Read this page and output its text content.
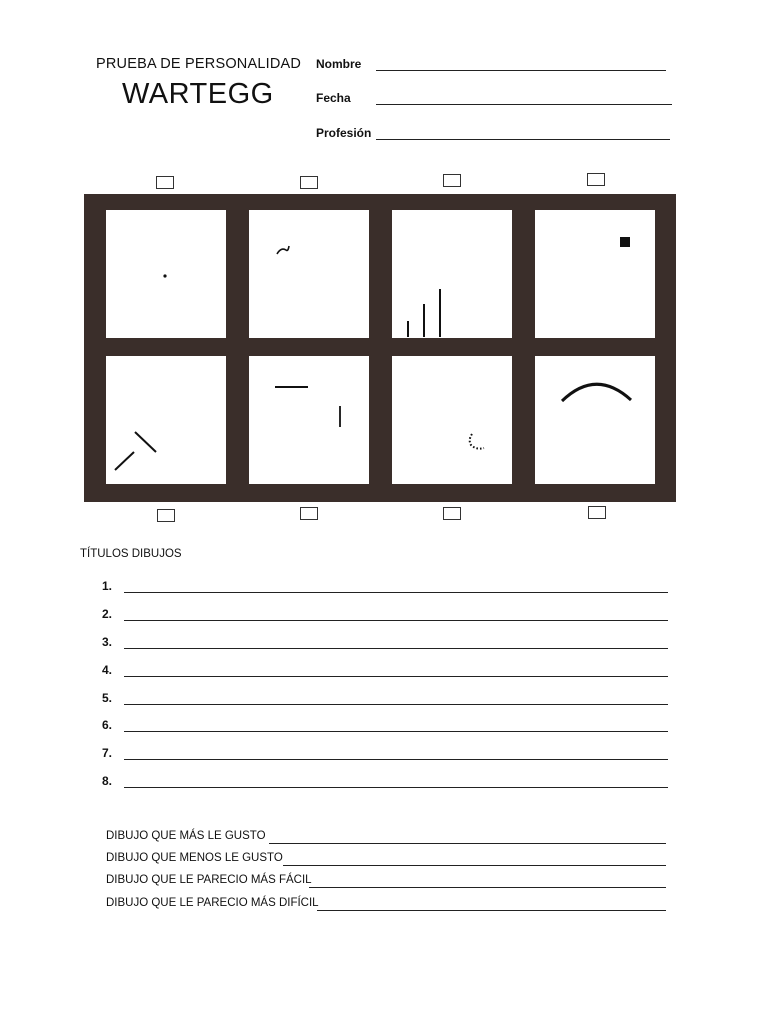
PRUEBA DE PERSONALIDAD
WARTEGG
Nombre
Fecha
Profesión
TÍTULOS DIBUJOS
1.
2.
3.
4.
5.
6.
7.
8.
DIBUJO QUE MÁS LE GUSTO
DIBUJO QUE MENOS LE GUSTO
DIBUJO QUE LE PARECIO MÁS FÁCIL
DIBUJO QUE LE PARECIO MÁS DIFÍCIL
